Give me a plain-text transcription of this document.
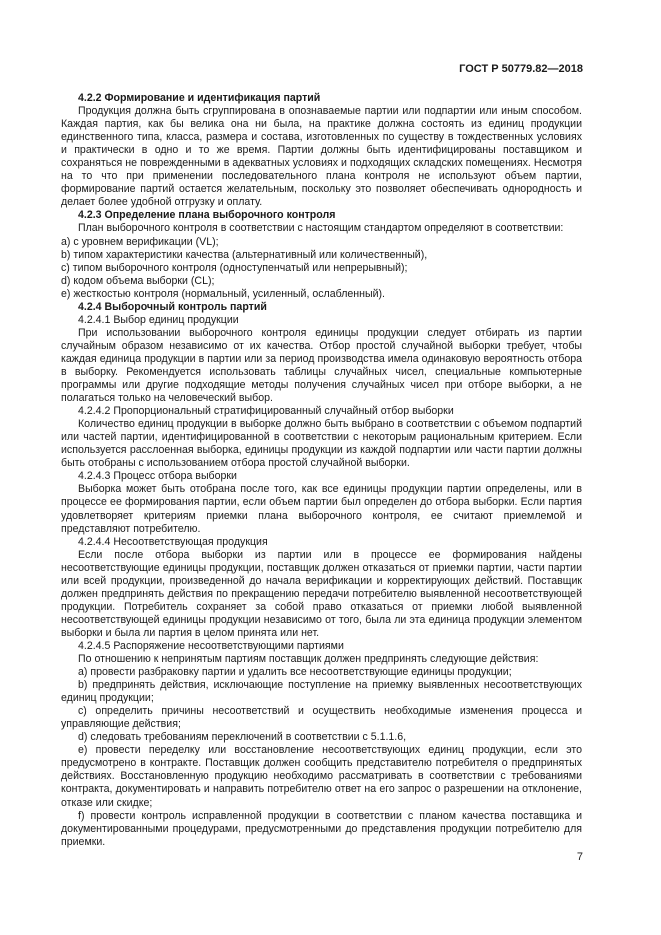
ГОСТ Р 50779.82—2018
4.2.2 Формирование и идентификация партий
Продукция должна быть сгруппирована в опознаваемые партии или подпартии или иным способом. Каждая партия, как бы велика она ни была, на практике должна состоять из единиц продукции единственного типа, класса, размера и состава, изготовленных по существу в тождественных условиях и практически в одно и то же время. Партии должны быть идентифицированы поставщиком и сохраняться не поврежденными в адекватных условиях и подходящих складских помещениях. Несмотря на то что при применении последовательного плана контроля не используют объем партии, формирование партий остается желательным, поскольку это позволяет обеспечивать однородность и делает более удобной отгрузку и оплату.
4.2.3 Определение плана выборочного контроля
План выборочного контроля в соответствии с настоящим стандартом определяют в соответствии:
а) с уровнем верификации (VL);
b) типом характеристики качества (альтернативный или количественный),
с) типом выборочного контроля (одноступенчатый или непрерывный);
d) кодом объема выборки (CL);
е) жесткостью контроля (нормальный, усиленный, ослабленный).
4.2.4 Выборочный контроль партий
4.2.4.1 Выбор единиц продукции
При использовании выборочного контроля единицы продукции следует отбирать из партии случайным образом независимо от их качества. Отбор простой случайной выборки требует, чтобы каждая единица продукции в партии или за период производства имела одинаковую вероятность отбора в выборку. Рекомендуется использовать таблицы случайных чисел, специальные компьютерные программы или другие подходящие методы получения случайных чисел при отборе выборки, а не полагаться только на человеческий выбор.
4.2.4.2 Пропорциональный стратифицированный случайный отбор выборки
Количество единиц продукции в выборке должно быть выбрано в соответствии с объемом подпартий или частей партии, идентифицированной в соответствии с некоторым рациональным критерием. Если используется расслоенная выборка, единицы продукции из каждой подпартии или части партии должны быть отобраны с использованием отбора простой случайной выборки.
4.2.4.3 Процесс отбора выборки
Выборка может быть отобрана после того, как все единицы продукции партии определены, или в процессе ее формирования партии, если объем партии был определен до отбора выборки. Если партия удовлетворяет критериям приемки плана выборочного контроля, ее считают приемлемой и представляют потребителю.
4.2.4.4 Несоответствующая продукция
Если после отбора выборки из партии или в процессе ее формирования найдены несоответствующие единицы продукции, поставщик должен отказаться от приемки партии, части партии или всей продукции, произведенной до начала верификации и корректирующих действий. Поставщик должен предпринять действия по прекращению передачи потребителю выявленной несоответствующей продукции. Потребитель сохраняет за собой право отказаться от приемки любой выявленной несоответствующей единицы продукции независимо от того, была ли эта единица продукции элементом выборки и была ли партия в целом принята или нет.
4.2.4.5 Распоряжение несоответствующими партиями
По отношению к непринятым партиям поставщик должен предпринять следующие действия:
а) провести разбраковку партии и удалить все несоответствующие единицы продукции;
b) предпринять действия, исключающие поступление на приемку выявленных несоответствующих единиц продукции;
с) определить причины несоответствий и осуществить необходимые изменения процесса и управляющие действия;
d) следовать требованиям переключений в соответствии с 5.1.1.6,
е) провести переделку или восстановление несоответствующих единиц продукции, если это предусмотрено в контракте. Поставщик должен сообщить представителю потребителя о предпринятых действиях. Восстановленную продукцию необходимо рассматривать в соответствии с требованиями контракта, документировать и направить потребителю ответ на его запрос о разрешении на отклонение, отказе или скидке;
f) провести контроль исправленной продукции в соответствии с планом качества поставщика и документированными процедурами, предусмотренными до представления продукции потребителю для приемки.
7
